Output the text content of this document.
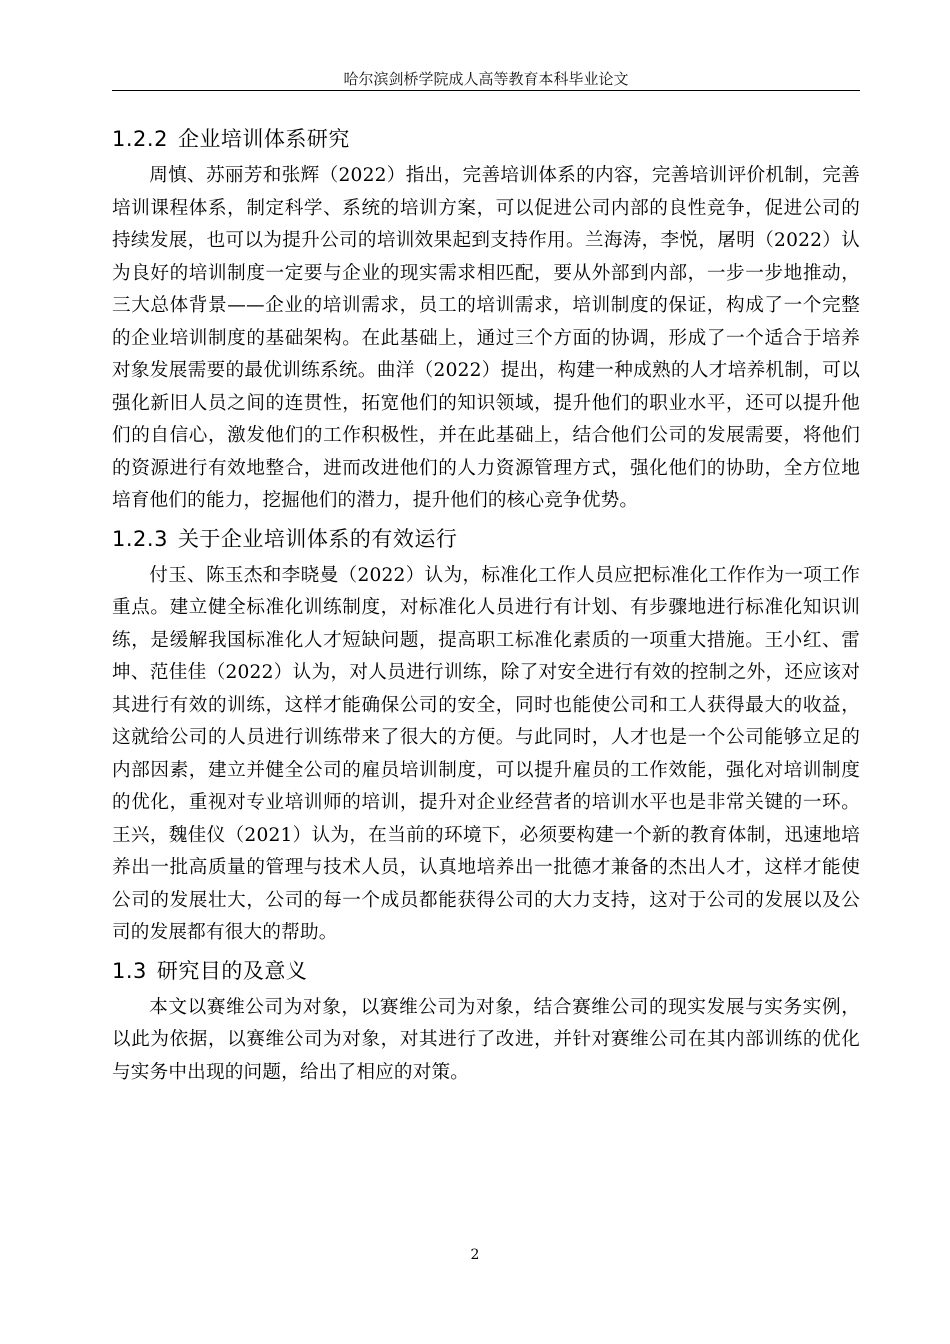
哈尔滨剑桥学院成人高等教育本科毕业论文
1.2.2 企业培训体系研究

周慎、苏丽芳和张辉（2022）指出，完善培训体系的内容，完善培训评价机制，完善培训课程体系，制定科学、系统的培训方案，可以促进公司内部的良性竞争，促进公司的持续发展，也可以为提升公司的培训效果起到支持作用。兰海涛，李悦，屠明（2022）认为良好的培训制度一定要与企业的现实需求相匹配，要从外部到内部，一步一步地推动，三大总体背景——企业的培训需求，员工的培训需求，培训制度的保证，构成了一个完整的企业培训制度的基础架构。在此基础上，通过三个方面的协调，形成了一个适合于培养对象发展需要的最优训练系统。曲洋（2022）提出，构建一种成熟的人才培养机制，可以强化新旧人员之间的连贯性，拓宽他们的知识领域，提升他们的职业水平，还可以提升他们的自信心，激发他们的工作积极性，并在此基础上，结合他们公司的发展需要，将他们的资源进行有效地整合，进而改进他们的人力资源管理方式，强化他们的协助，全方位地培育他们的能力，挖掘他们的潜力，提升他们的核心竞争优势。

1.2.3 关于企业培训体系的有效运行

付玉、陈玉杰和李晓曼（2022）认为，标准化工作人员应把标准化工作作为一项工作重点。建立健全标准化训练制度，对标准化人员进行有计划、有步骤地进行标准化知识训练，是缓解我国标准化人才短缺问题，提高职工标准化素质的一项重大措施。王小红、雷坤、范佳佳（2022）认为，对人员进行训练，除了对安全进行有效的控制之外，还应该对其进行有效的训练，这样才能确保公司的安全，同时也能使公司和工人获得最大的收益，这就给公司的人员进行训练带来了很大的方便。与此同时，人才也是一个公司能够立足的内部因素，建立并健全公司的雇员培训制度，可以提升雇员的工作效能，强化对培训制度的优化，重视对专业培训师的培训，提升对企业经营者的培训水平也是非常关键的一环。王兴，魏佳仪（2021）认为，在当前的环境下，必须要构建一个新的教育体制，迅速地培养出一批高质量的管理与技术人员，认真地培养出一批德才兼备的杰出人才，这样才能使公司的发展壮大，公司的每一个成员都能获得公司的大力支持，这对于公司的发展以及公司的发展都有很大的帮助。

1.3 研究目的及意义

本文以赛维公司为对象，以赛维公司为对象，结合赛维公司的现实发展与实务实例，以此为依据，以赛维公司为对象，对其进行了改进，并针对赛维公司在其内部训练的优化与实务中出现的问题，给出了相应的对策。

2
